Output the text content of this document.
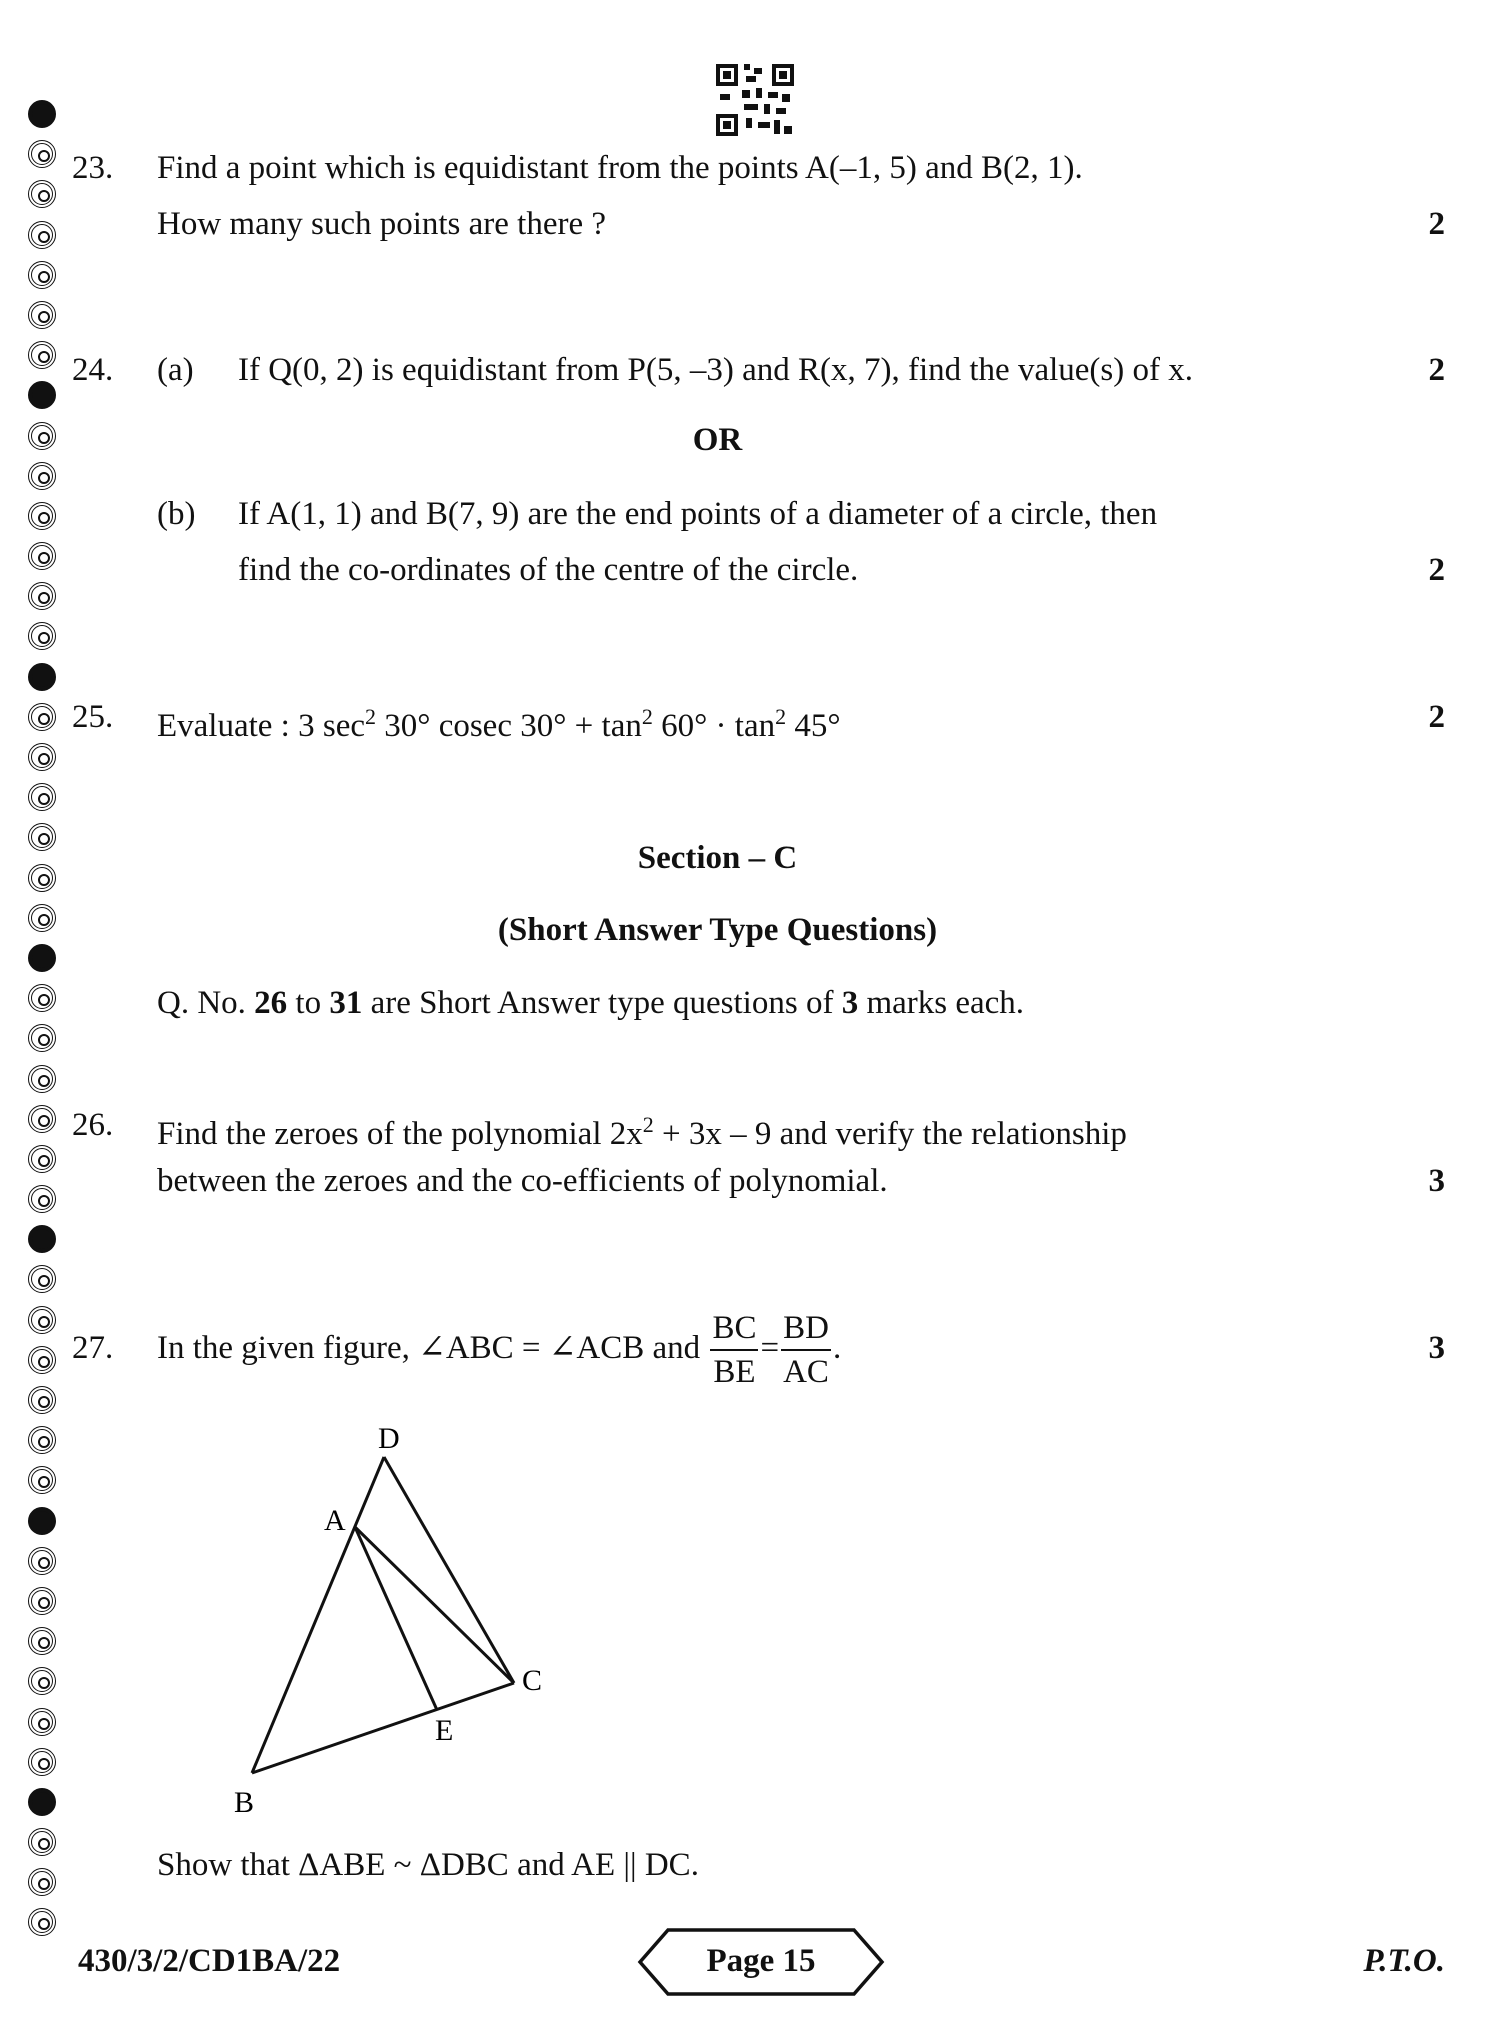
23. Find a point which is equidistant from the points A(–1, 5) and B(2, 1).
How many such points are there ?	2
24. (a) If Q(0, 2) is equidistant from P(5, –3) and R(x, 7), find the value(s) of x.	2
OR
(b) If A(1, 1) and B(7, 9) are the end points of a diameter of a circle, then
find the co-ordinates of the centre of the circle.	2
25. Evaluate : 3 $\sec^2 30^\circ$ cosec $30^\circ + \tan^2 60^\circ \cdot \tan^2 45^\circ$	2
Section – C
(Short Answer Type Questions)
Q. No. 26 to 31 are Short Answer type questions of 3 marks each.
26. Find the zeroes of the polynomial $2x^2 + 3x - 9$ and verify the relationship
between the zeroes and the co-efficients of polynomial.	3
27. In the given figure, ∠ABC = ∠ACB and $\frac{BC}{BE} = \frac{BD}{AC}$ .	3
D
A
C
E
B
Show that ΔABE ~ ΔDBC and AE || DC.
430/3/2/CD1BA/22	Page 15	P.T.O.
